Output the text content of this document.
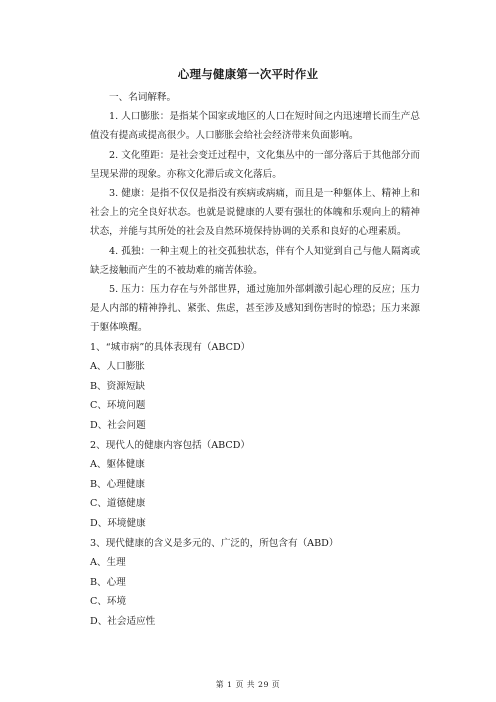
心理与健康第一次平时作业

一、名词解释。

1. 人口膨胀：是指某个国家或地区的人口在短时间之内迅速增长而生产总值没有提高或提高很少。人口膨胀会给社会经济带来负面影响。

2. 文化堕距：是社会变迁过程中，文化集丛中的一部分落后于其他部分而呈现呆滞的现象。亦称文化滞后或文化落后。

3. 健康：是指不仅仅是指没有疾病或病痛，而且是一种躯体上、精神上和社会上的完全良好状态。也就是说健康的人要有强壮的体魄和乐观向上的精神状态，并能与其所处的社会及自然环境保持协调的关系和良好的心理素质。

4. 孤独：一种主观上的社交孤独状态，伴有个人知觉到自己与他人隔离或缺乏接触而产生的不被劫难的痛苦体验。

5. 压力：压力存在与外部世界，通过施加外部刺激引起心理的反应；压力是人内部的精神挣扎、紧张、焦虑，甚至涉及感知到伤害时的惊恐；压力来源于躯体唤醒。

1、“城市病”的具体表现有（ABCD）

A、人口膨胀

B、资源短缺

C、环境问题

D、社会问题

2、现代人的健康内容包括（ABCD）

A、躯体健康

B、心理健康

C、道德健康

D、环境健康

3、现代健康的含义是多元的、广泛的，所包含有（ABD）

A、生理

B、心理

C、环境

D、社会适应性

第 1 页 共 29 页
